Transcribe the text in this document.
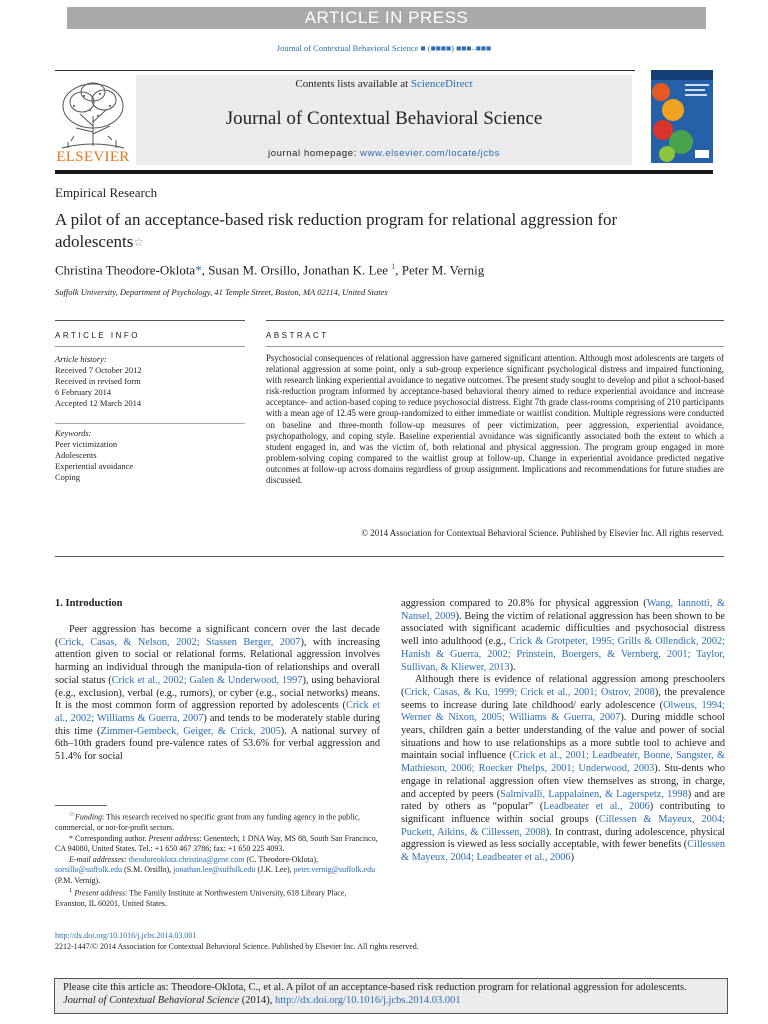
ARTICLE IN PRESS
Journal of Contextual Behavioral Science ■ (■■■■) ■■■–■■■
ELSEVIER
Contents lists available at ScienceDirect
Journal of Contextual Behavioral Science
journal homepage: www.elsevier.com/locate/jcbs
Empirical Research
A pilot of an acceptance-based risk reduction program for relational aggression for adolescents☆
Christina Theodore-Oklota*, Susan M. Orsillo, Jonathan K. Lee $^1$, Peter M. Vernig
Suffolk University, Department of Psychology, 41 Temple Street, Boston, MA 02114, United States
ARTICLE INFO	ABSTRACT
Article history:
Received 7 October 2012
Received in revised form
6 February 2014
Accepted 12 March 2014
Keywords:
Peer victimization
Adolescents
Experiential avoidance
Coping
Psychosocial consequences of relational aggression have garnered significant attention. Although most adolescents are targets of relational aggression at some point, only a sub-group experience significant psychological distress and impaired functioning, with research linking experiential avoidance to negative outcomes. The present study sought to develop and pilot a school-based risk-reduction program informed by acceptance-based behavioral theory aimed to reduce experiential avoidance and increase acceptance- and action-based coping to reduce psychosocial distress. Eight 7th grade class-rooms comprising of 210 participants with a mean age of 12.45 were group-randomized to either immediate or waitlist condition. Multiple regressions were conducted on baseline and three-month follow-up measures of peer victimization, peer aggression, experiential avoidance, psychopathology, and coping style. Baseline experiential avoidance was significantly associated both the extent to which a student engaged in, and was the victim of, both relational and physical aggression. The program group engaged in more problem-solving coping compared to the waitlist group at follow-up. Change in experiential avoidance predicted negative outcomes at follow-up across domains regardless of group assignment. Implications and recommendations for future studies are discussed.
© 2014 Association for Contextual Behavioral Science. Published by Elsevier Inc. All rights reserved.
1. Introduction

Peer aggression has become a significant concern over the last decade (Crick, Casas, & Nelson, 2002; Stassen Berger, 2007), with increasing attention given to social or relational forms. Relational aggression involves harming an individual through the manipula-tion of relationships and overall social status (Crick et al., 2002; Galen & Underwood, 1997), using behavioral (e.g., exclusion), verbal (e.g., rumors), or cyber (e.g., social networks) means. It is the most common form of aggression reported by adolescents (Crick et al., 2002; Williams & Guerra, 2007) and tends to be moderately stable during this time (Zimmer-Gembeck, Geiger, & Crick, 2005). A national survey of 6th–10th graders found pre-valence rates of 53.6% for verbal aggression and 51.4% for social

☆Funding: This research received no specific grant from any funding agency in the public, commercial, or not-for-profit sectors.

* Corresponding author. Present address: Genentech, 1 DNA Way, MS 88, South San Francisco, CA 94080, United States. Tel.: +1 650 467 3786; fax: +1 650 225 4093.

E-mail addresses: theodoreoklota.christina@gene.com (C. Theodore-Oklota), sorsillo@suffolk.edu (S.M. Orsillo), jonathan.lee@suffolk.edu (J.K. Lee), peter.vernig@suffolk.edu (P.M. Vernig).

$^1$ Present address: The Family Institute at Northwestern University, 618 Library Place, Evanston, IL 60201, United States.

aggression compared to 20.8% for physical aggression (Wang, Iannotti, & Nansel, 2009). Being the victim of relational aggression has been shown to be associated with significant academic difficulties and psychosocial distress well into adulthood (e.g., Crick & Grotpeter, 1995; Grills & Ollendick, 2002; Hanish & Guerra, 2002; Prinstein, Boergers, & Vernberg, 2001; Taylor, Sullivan, & Kliewer, 2013).

Although there is evidence of relational aggression among preschoolers (Crick, Casas, & Ku, 1999; Crick et al., 2001; Ostrov, 2008), the prevalence seems to increase during late childhood/ early adolescence (Olweus, 1994; Werner & Nixon, 2005; Williams & Guerra, 2007). During middle school years, children gain a better understanding of the value and power of social situations and how to use relationships as a more subtle tool to achieve and maintain social influence (Crick et al., 2001; Leadbeater, Boone, Sangster, & Mathieson, 2006; Roecker Phelps, 2001; Underwood, 2003). Stu-dents who engage in relational aggression often view themselves as strong, in charge, and accepted by peers (Salmivalli, Lappalainen, & Lagerspetz, 1998) and are rated by others as “popular” (Leadbeater et al., 2006) contributing to significant influence within social groups (Cillessen & Mayeux, 2004; Puckett, Aikins, & Cillessen, 2008). In contrast, during adolescence, physical aggression is viewed as less socially acceptable, with fewer benefits (Cillessen & Mayeux, 2004; Leadbeater et al., 2006)

http://dx.doi.org/10.1016/j.jcbs.2014.03.001
2212-1447/© 2014 Association for Contextual Behavioral Science. Published by Elsevier Inc. All rights reserved.
Please cite this article as: Theodore-Oklota, C., et al. A pilot of an acceptance-based risk reduction program for relational aggression for adolescents. Journal of Contextual Behavioral Science (2014), http://dx.doi.org/10.1016/j.jcbs.2014.03.001
